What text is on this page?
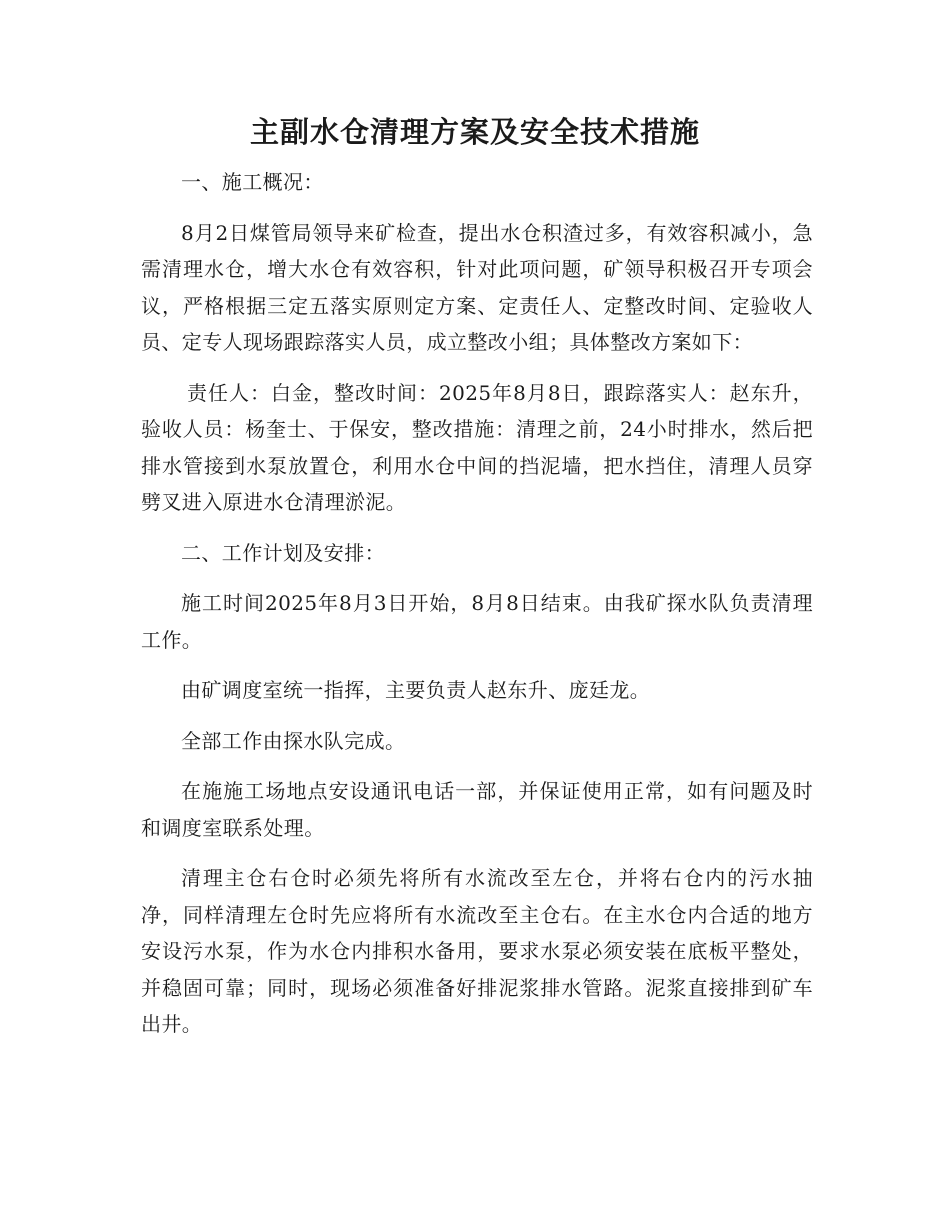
主副水仓清理方案及安全技术措施

一、施工概况：

8月2日煤管局领导来矿检查，提出水仓积渣过多，有效容积减小，急需清理水仓，增大水仓有效容积，针对此项问题，矿领导积极召开专项会议，严格根据三定五落实原则定方案、定责任人、定整改时间、定验收人员、定专人现场跟踪落实人员，成立整改小组；具体整改方案如下：

责任人：白金，整改时间：2025年8月8日，跟踪落实人：赵东升，验收人员：杨奎士、于保安，整改措施：清理之前，24小时排水，然后把排水管接到水泵放置仓，利用水仓中间的挡泥墙，把水挡住，清理人员穿劈叉进入原进水仓清理淤泥。

二、工作计划及安排：

施工时间2025年8月3日开始，8月8日结束。由我矿探水队负责清理工作。

由矿调度室统一指挥，主要负责人赵东升、庞廷龙。

全部工作由探水队完成。

在施施工场地点安设通讯电话一部，并保证使用正常，如有问题及时和调度室联系处理。

清理主仓右仓时必须先将所有水流改至左仓，并将右仓内的污水抽净，同样清理左仓时先应将所有水流改至主仓右。在主水仓内合适的地方安设污水泵，作为水仓内排积水备用，要求水泵必须安装在底板平整处，并稳固可靠；同时，现场必须准备好排泥浆排水管路。泥浆直接排到矿车出井。
